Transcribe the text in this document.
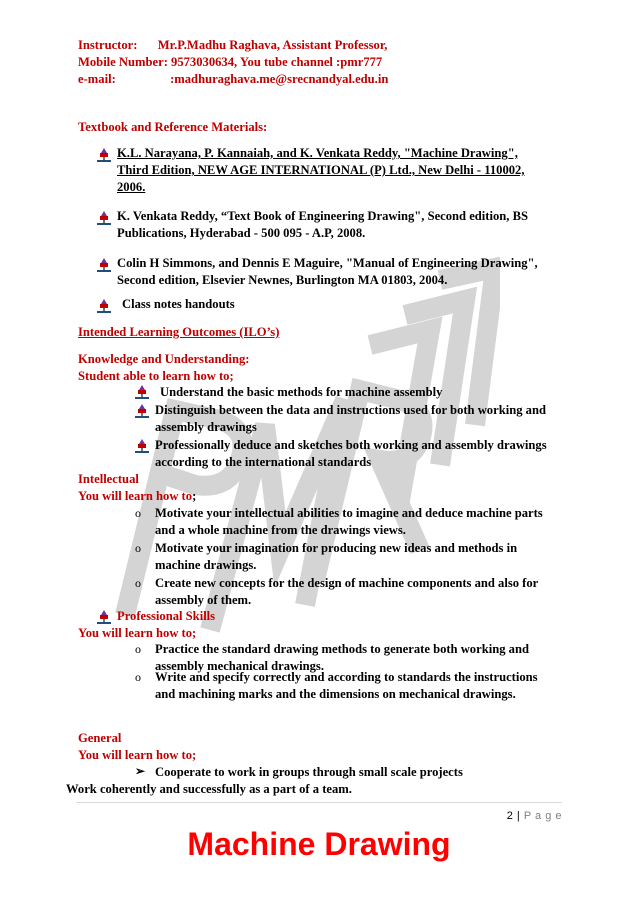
Instructor: Mr.P.Madhu Raghava, Assistant Professor,
Mobile Number: 9573030634, You tube channel :pmr777
e-mail:	:madhuraghava.me@srecnandyal.edu.in
Textbook and Reference Materials:
K.L. Narayana, P. Kannaiah, and K. Venkata Reddy, "Machine Drawing",
Third Edition, NEW AGE INTERNATIONAL (P) Ltd., New Delhi - 110002,
2006.
K. Venkata Reddy, “Text Book of Engineering Drawing", Second edition, BS
Publications, Hyderabad - 500 095 - A.P, 2008.
Colin H Simmons, and Dennis E Maguire, "Manual of Engineering Drawing",
Second edition, Elsevier Newnes, Burlington MA 01803, 2004.
Class notes handouts
Intended Learning Outcomes (ILO’s)
Knowledge and Understanding:
Student able to learn how to;
Understand the basic methods for machine assembly
Distinguish between the data and instructions used for both working and
assembly drawings
Professionally deduce and sketches both working and assembly drawings
according to the international standards
Intellectual
You will learn how to;
o Motivate your intellectual abilities to imagine and deduce machine parts
and a whole machine from the drawings views.
o Motivate your imagination for producing new ideas and methods in
machine drawings.
o Create new concepts for the design of machine components and also for
assembly of them.
Professional Skills
You will learn how to;
o Practice the standard drawing methods to generate both working and
assembly mechanical drawings.
o Write and specify correctly and according to standards the instructions
and machining marks and the dimensions on mechanical drawings.
General
You will learn how to;
➢ Cooperate to work in groups through small scale projects
Work coherently and successfully as a part of a team.
2 | P a g e
Machine Drawing
